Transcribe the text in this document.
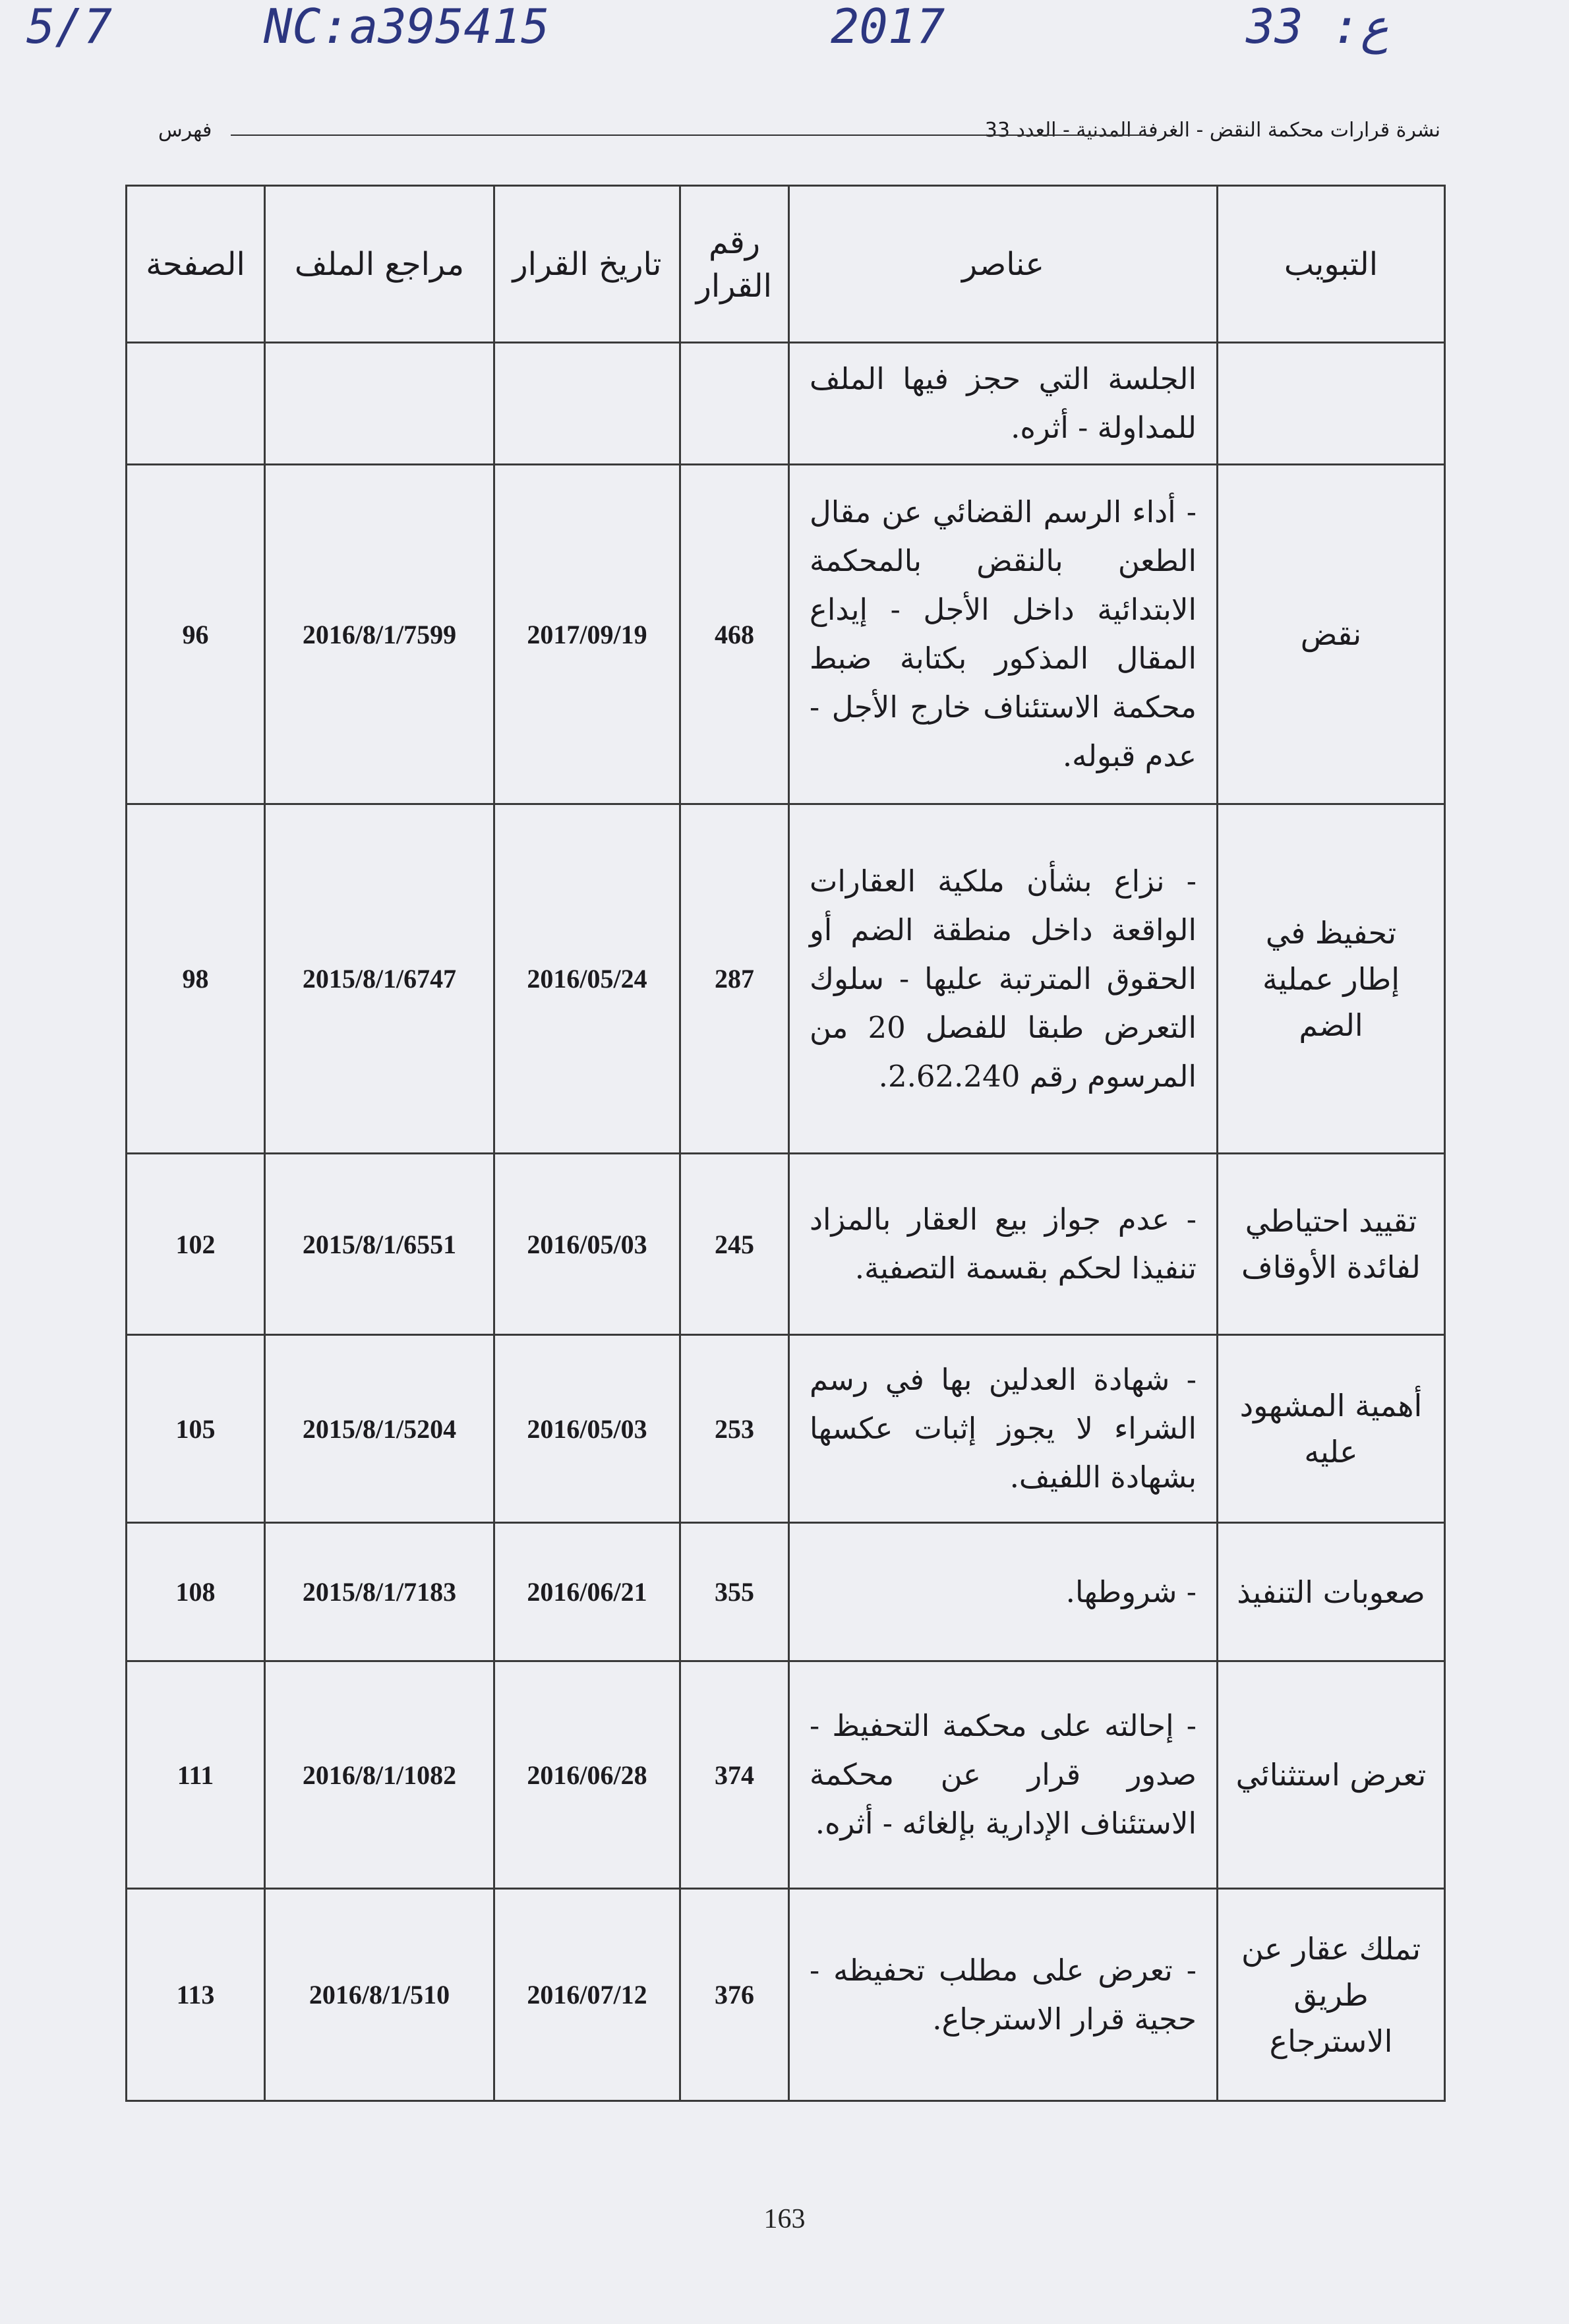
5/7	NC:a395415	2017	ع: 33
نشرة قرارات محكمة النقض - الغرفة المدنية - العدد 33
فهرس
التبويب	عناصر	رقم القرار	تاريخ القرار	مراجع الملف	الصفحة
	الجلسة التي حجز فيها الملف للمداولة - أثره.				
نقض	- أداء الرسم القضائي عن مقال الطعن بالنقض بالمحكمة الابتدائية داخل الأجل - إيداع المقال المذكور بكتابة ضبط محكمة الاستئناف خارج الأجل - عدم قبوله.	468	2017/09/19	2016/8/1/7599	96
تحفيظ في إطار عملية الضم	- نزاع بشأن ملكية العقارات الواقعة داخل منطقة الضم أو الحقوق المترتبة عليها - سلوك التعرض طبقا للفصل 20 من المرسوم رقم 2.62.240.	287	2016/05/24	2015/8/1/6747	98
تقييد احتياطي لفائدة الأوقاف	- عدم جواز بيع العقار بالمزاد تنفيذا لحكم بقسمة التصفية.	245	2016/05/03	2015/8/1/6551	102
أهمية المشهود عليه	- شهادة العدلين بها في رسم الشراء لا يجوز إثبات عكسها بشهادة اللفيف.	253	2016/05/03	2015/8/1/5204	105
صعوبات التنفيذ	- شروطها.	355	2016/06/21	2015/8/1/7183	108
تعرض استثنائي	- إحالته على محكمة التحفيظ - صدور قرار عن محكمة الاستئناف الإدارية بإلغائه - أثره.	374	2016/06/28	2016/8/1/1082	111
تملك عقار عن طريق الاسترجاع	- تعرض على مطلب تحفيظه - حجية قرار الاسترجاع.	376	2016/07/12	2016/8/1/510	113
163
